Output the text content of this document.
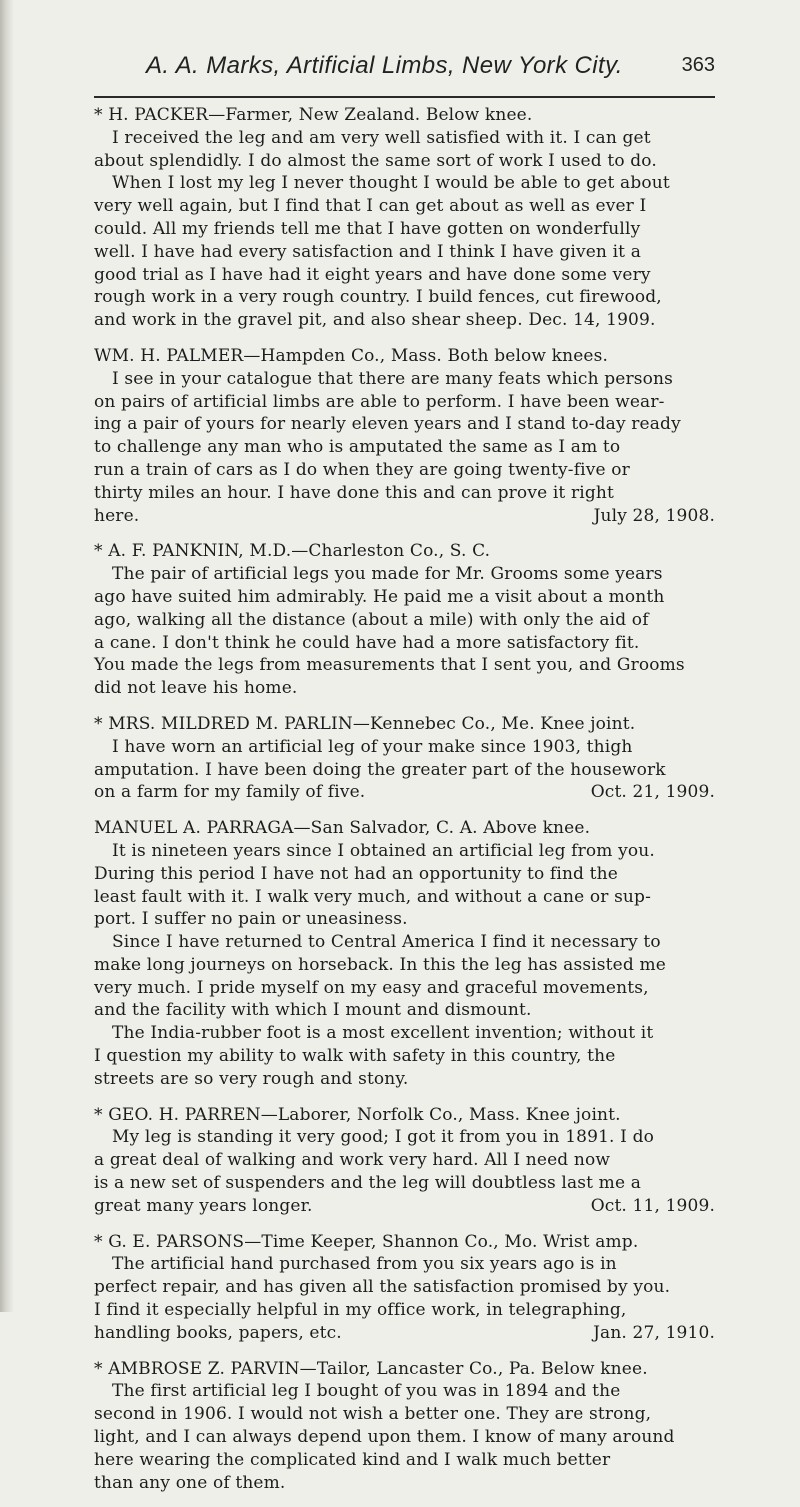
A. A. Marks, Artificial Limbs, New York City.	363
* H. PACKER—Farmer, New Zealand. Below knee.
I received the leg and am very well satisfied with it. I can get
about splendidly. I do almost the same sort of work I used to do.
When I lost my leg I never thought I would be able to get about
very well again, but I find that I can get about as well as ever I
could. All my friends tell me that I have gotten on wonderfully
well. I have had every satisfaction and I think I have given it a
good trial as I have had it eight years and have done some very
rough work in a very rough country. I build fences, cut firewood,
and work in the gravel pit, and also shear sheep. Dec. 14, 1909.
WM. H. PALMER—Hampden Co., Mass. Both below knees.
I see in your catalogue that there are many feats which persons
on pairs of artificial limbs are able to perform. I have been wear-
ing a pair of yours for nearly eleven years and I stand to-day ready
to challenge any man who is amputated the same as I am to
run a train of cars as I do when they are going twenty-five or
thirty miles an hour. I have done this and can prove it right
here.	July 28, 1908.
* A. F. PANKNIN, M.D.—Charleston Co., S. C.
The pair of artificial legs you made for Mr. Grooms some years
ago have suited him admirably. He paid me a visit about a month
ago, walking all the distance (about a mile) with only the aid of
a cane. I don't think he could have had a more satisfactory fit.
You made the legs from measurements that I sent you, and Grooms
did not leave his home.
* MRS. MILDRED M. PARLIN—Kennebec Co., Me. Knee joint.
I have worn an artificial leg of your make since 1903, thigh
amputation. I have been doing the greater part of the housework
on a farm for my family of five.	Oct. 21, 1909.
MANUEL A. PARRAGA—San Salvador, C. A. Above knee.
It is nineteen years since I obtained an artificial leg from you.
During this period I have not had an opportunity to find the
least fault with it. I walk very much, and without a cane or sup-
port. I suffer no pain or uneasiness.
Since I have returned to Central America I find it necessary to
make long journeys on horseback. In this the leg has assisted me
very much. I pride myself on my easy and graceful movements,
and the facility with which I mount and dismount.
The India-rubber foot is a most excellent invention; without it
I question my ability to walk with safety in this country, the
streets are so very rough and stony.
* GEO. H. PARREN—Laborer, Norfolk Co., Mass. Knee joint.
My leg is standing it very good; I got it from you in 1891. I do
a great deal of walking and work very hard. All I need now
is a new set of suspenders and the leg will doubtless last me a
great many years longer.	Oct. 11, 1909.
* G. E. PARSONS—Time Keeper, Shannon Co., Mo. Wrist amp.
The artificial hand purchased from you six years ago is in
perfect repair, and has given all the satisfaction promised by you.
I find it especially helpful in my office work, in telegraphing,
handling books, papers, etc.	Jan. 27, 1910.
* AMBROSE Z. PARVIN—Tailor, Lancaster Co., Pa. Below knee.
The first artificial leg I bought of you was in 1894 and the
second in 1906. I would not wish a better one. They are strong,
light, and I can always depend upon them. I know of many around
here wearing the complicated kind and I walk much better
than any one of them.
